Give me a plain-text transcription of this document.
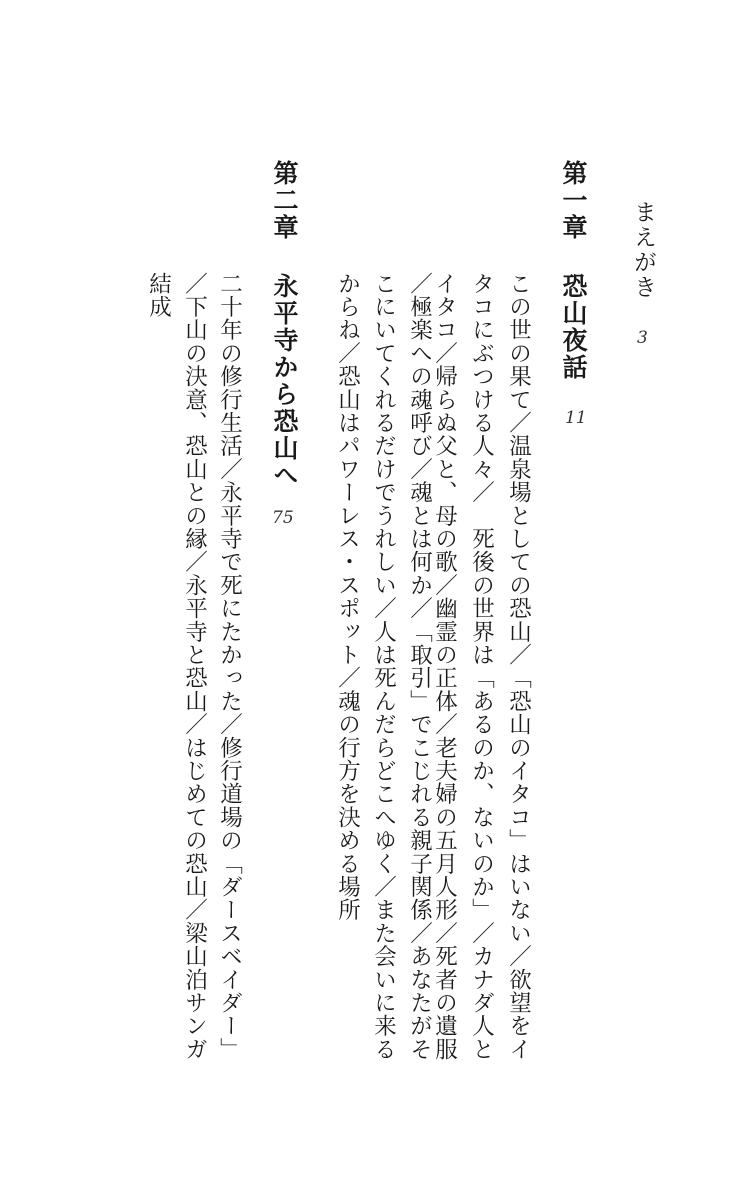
まえがき
3
第一章恐山夜話
11
この世の果て／温泉場としての恐山／「恐山のイタコ」はいない／欲望をイ
タコにぶつける人々／　死後の世界は「あるのか、ないのか」／カナダ人と
イタコ／帰らぬ父と、母の歌／幽霊の正体／老夫婦の五月人形／死者の遺服
／極楽への魂呼び／魂とは何か／「取引」でこじれる親子関係／あなたがそ
こにいてくれるだけでうれしい／人は死んだらどこへゆく／また会いに来る
からね／恐山はパワーレス・スポット／魂の行方を決める場所
第二章永平寺から恐山へ
75
二十年の修行生活／永平寺で死にたかった／修行道場の「ダースベイダー」
／下山の決意、恐山との縁／永平寺と恐山／はじめての恐山／梁山泊サンガ
結成
